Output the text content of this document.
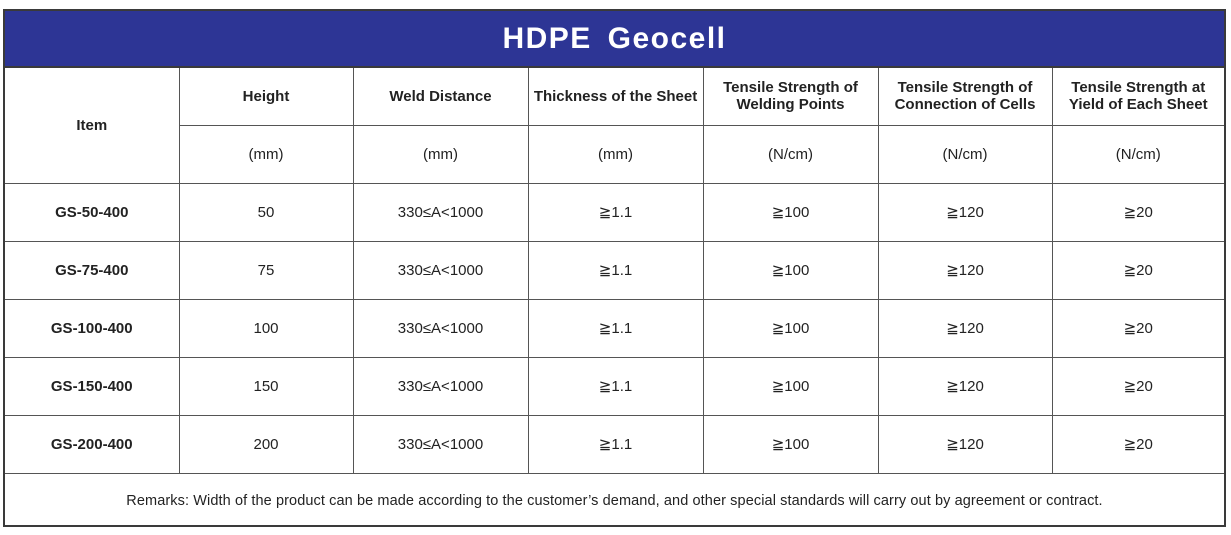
HDPE Geocell
Item	Height	Weld Distance	Thickness of the Sheet	Tensile Strength of Welding Points	Tensile Strength of Connection of Cells	Tensile Strength at Yield of Each Sheet
	(mm)	(mm)	(mm)	(N/cm)	(N/cm)	(N/cm)
GS-50-400	50	330≤A<1000	≧1.1	≧100	≧120	≧20
GS-75-400	75	330≤A<1000	≧1.1	≧100	≧120	≧20
GS-100-400	100	330≤A<1000	≧1.1	≧100	≧120	≧20
GS-150-400	150	330≤A<1000	≧1.1	≧100	≧120	≧20
GS-200-400	200	330≤A<1000	≧1.1	≧100	≧120	≧20
Remarks: Width of the product can be made according to the customer’s demand, and other special standards will carry out by agreement or contract.						
